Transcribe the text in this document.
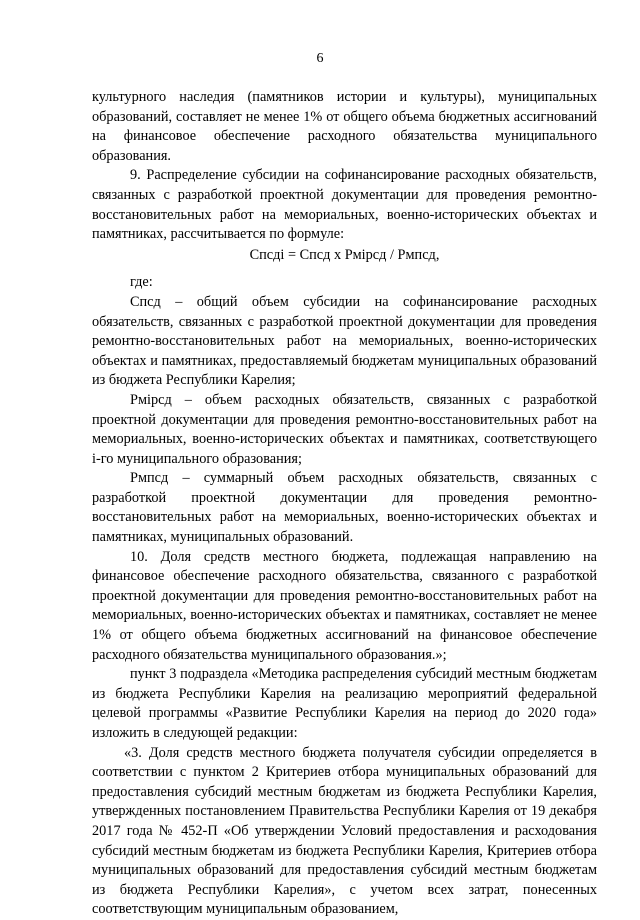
6

культурного наследия (памятников истории и культуры), муниципальных образований, составляет не менее 1% от общего объема бюджетных ассигнований на финансовое обеспечение расходного обязательства муниципального образования.

9. Распределение субсидии на софинансирование расходных обязательств, связанных с разработкой проектной документации для проведения ремонтно-восстановительных работ на мемориальных, военно-исторических объектах и памятниках, рассчитывается по формуле:

Спсдi = Спсд x Рмipсд / Рмпсд,

где:

Спсд – общий объем субсидии на софинансирование расходных обязательств, связанных с разработкой проектной документации для проведения ремонтно-восстановительных работ на мемориальных, военно-исторических объектах и памятниках, предоставляемый бюджетам муниципальных образований из бюджета Республики Карелия;

Рмipсд – объем расходных обязательств, связанных с разработкой проектной документации для проведения ремонтно-восстановительных работ на мемориальных, военно-исторических объектах и памятниках, соответствующего i-го муниципального образования;

Рмпсд – суммарный объем расходных обязательств, связанных с разработкой проектной документации для проведения ремонтно-восстановительных работ на мемориальных, военно-исторических объектах и памятниках, муниципальных образований.

10. Доля средств местного бюджета, подлежащая направлению на финансовое обеспечение расходного обязательства, связанного с разработкой проектной документации для проведения ремонтно-восстановительных работ на мемориальных, военно-исторических объектах и памятниках, составляет не менее 1% от общего объема бюджетных ассигнований на финансовое обеспечение расходного обязательства муниципального образования.»;

пункт 3 подраздела «Методика распределения субсидий местным бюджетам из бюджета Республики Карелия на реализацию мероприятий федеральной целевой программы «Развитие Республики Карелия на период до 2020 года» изложить в следующей редакции:

«3. Доля средств местного бюджета получателя субсидии определяется в соответствии с пунктом 2 Критериев отбора муниципальных образований для предоставления субсидий местным бюджетам из бюджета Республики Карелия, утвержденных постановлением Правительства Республики Карелия от 19 декабря 2017 года № 452-П «Об утверждении Условий предоставления и расходования субсидий местным бюджетам из бюджета Республики Карелия, Критериев отбора муниципальных образований для предоставления субсидий местным бюджетам из бюджета Республики Карелия», с учетом всех затрат, понесенных соответствующим муниципальным образованием,
